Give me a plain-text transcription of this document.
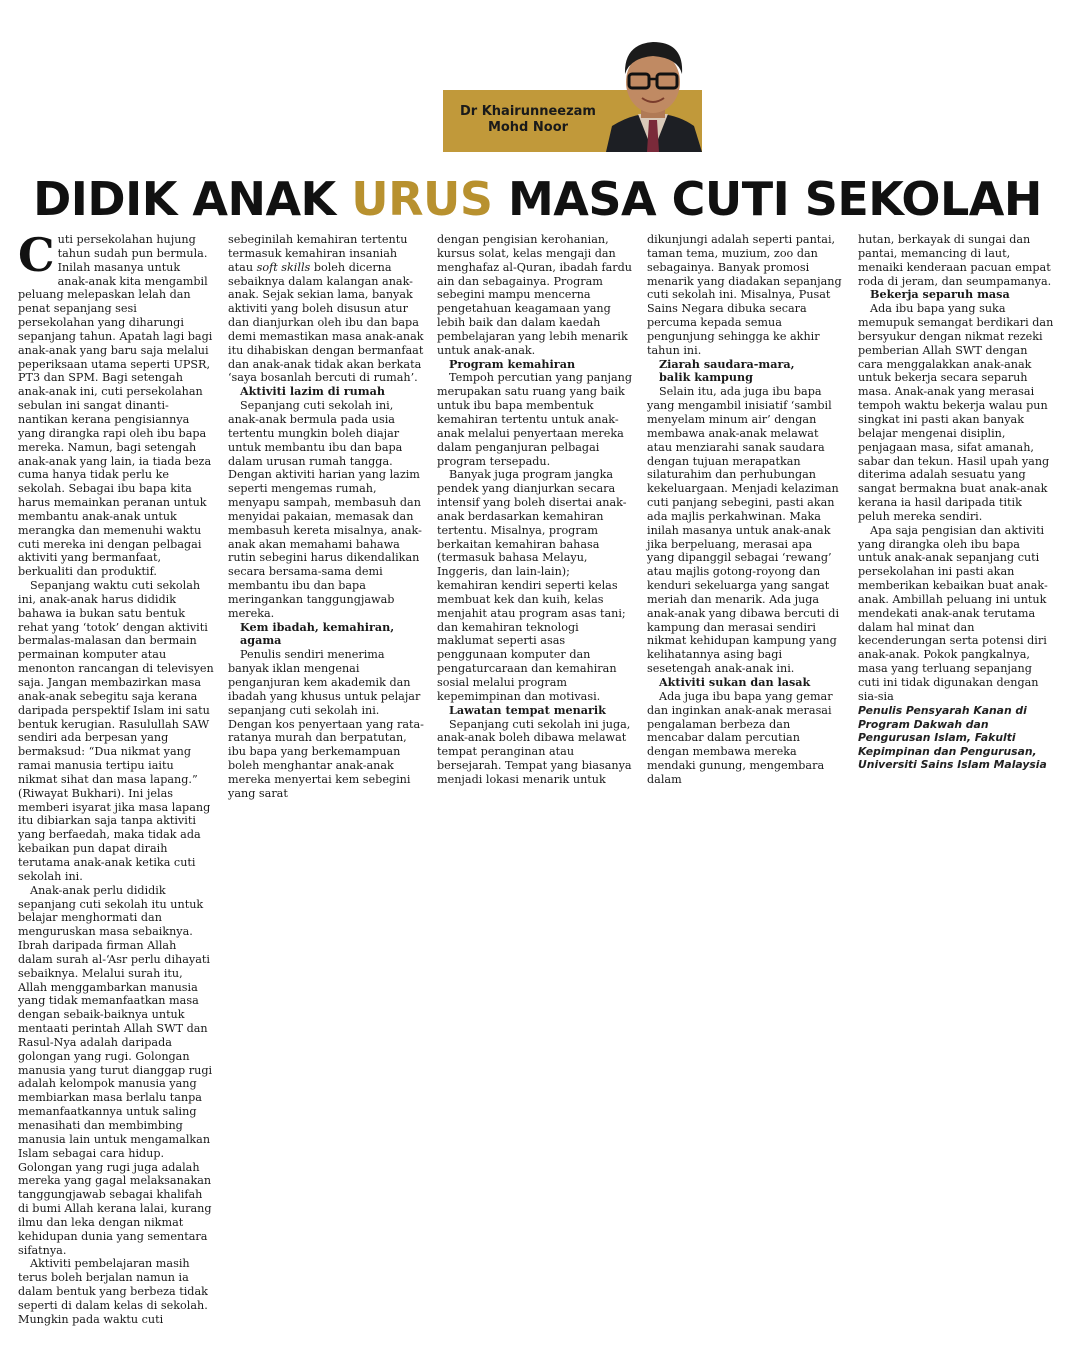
Dr Khairunneezam
Mohd Noor
DIDIK ANAK URUS MASA CUTI SEKOLAH

Cuti persekolahan hujung tahun sudah pun bermula. Inilah masanya untuk anak-anak kita mengambil peluang melepaskan lelah dan penat sepanjang sesi persekolahan yang diharungi sepanjang tahun. Apatah lagi bagi anak-anak yang baru saja melalui peperiksaan utama seperti UPSR, PT3 dan SPM. Bagi setengah anak-anak ini, cuti persekolahan sebulan ini sangat dinanti-nantikan kerana pengisiannya yang dirangka rapi oleh ibu bapa mereka. Namun, bagi setengah anak-anak yang lain, ia tiada beza cuma hanya tidak perlu ke sekolah. Sebagai ibu bapa kita harus memainkan peranan untuk membantu anak-anak untuk merangka dan memenuhi waktu cuti mereka ini dengan pelbagai aktiviti yang bermanfaat, berkualiti dan produktif.

Sepanjang waktu cuti sekolah ini, anak-anak harus dididik bahawa ia bukan satu bentuk rehat yang ‘totok’ dengan aktiviti bermalas-malasan dan bermain permainan komputer atau menonton rancangan di televisyen saja. Jangan membazirkan masa anak-anak sebegitu saja kerana daripada perspektif Islam ini satu bentuk kerugian. Rasulullah SAW sendiri ada berpesan yang bermaksud: “Dua nikmat yang ramai manusia tertipu iaitu nikmat sihat dan masa lapang.” (Riwayat Bukhari). Ini jelas memberi isyarat jika masa lapang itu dibiarkan saja tanpa aktiviti yang berfaedah, maka tidak ada kebaikan pun dapat diraih terutama anak-anak ketika cuti sekolah ini.

Anak-anak perlu dididik sepanjang cuti sekolah itu untuk belajar menghormati dan menguruskan masa sebaiknya. Ibrah daripada firman Allah dalam surah al-‘Asr perlu dihayati sebaiknya. Melalui surah itu, Allah menggambarkan manusia yang tidak memanfaatkan masa dengan sebaik-baiknya untuk mentaati perintah Allah SWT dan Rasul-Nya adalah daripada golongan yang rugi. Golongan manusia yang turut dianggap rugi adalah kelompok manusia yang membiarkan masa berlalu tanpa memanfaatkannya untuk saling menasihati dan membimbing manusia lain untuk mengamalkan Islam sebagai cara hidup. Golongan yang rugi juga adalah mereka yang gagal melaksanakan tanggungjawab sebagai khalifah di bumi Allah kerana lalai, kurang ilmu dan leka dengan nikmat kehidupan dunia yang sementara sifatnya.

Aktiviti pembelajaran masih terus boleh berjalan namun ia dalam bentuk yang berbeza tidak seperti di dalam kelas di sekolah. Mungkin pada waktu cuti

sebeginilah kemahiran tertentu termasuk kemahiran insaniah atau soft skills boleh dicerna sebaiknya dalam kalangan anak-anak. Sejak sekian lama, banyak aktiviti yang boleh disusun atur dan dianjurkan oleh ibu dan bapa demi memastikan masa anak-anak itu dihabiskan dengan bermanfaat dan anak-anak tidak akan berkata ‘saya bosanlah bercuti di rumah’.

Aktiviti lazim di rumah

Sepanjang cuti sekolah ini, anak-anak bermula pada usia tertentu mungkin boleh diajar untuk membantu ibu dan bapa dalam urusan rumah tangga. Dengan aktiviti harian yang lazim seperti mengemas rumah, menyapu sampah, membasuh dan menyidai pakaian, memasak dan membasuh kereta misalnya, anak-anak akan memahami bahawa rutin sebegini harus dikendalikan secara bersama-sama demi membantu ibu dan bapa meringankan tanggungjawab mereka.

Kem ibadah, kemahiran, agama

Penulis sendiri menerima banyak iklan mengenai penganjuran kem akademik dan ibadah yang khusus untuk pelajar sepanjang cuti sekolah ini. Dengan kos penyertaan yang rata-ratanya murah dan berpatutan, ibu bapa yang berkemampuan boleh menghantar anak-anak mereka menyertai kem sebegini yang sarat

dengan pengisian kerohanian, kursus solat, kelas mengaji dan menghafaz al-Quran, ibadah fardu ain dan sebagainya. Program sebegini mampu mencerna pengetahuan keagamaan yang lebih baik dan dalam kaedah pembelajaran yang lebih menarik untuk anak-anak.

Program kemahiran

Tempoh percutian yang panjang merupakan satu ruang yang baik untuk ibu bapa membentuk kemahiran tertentu untuk anak-anak melalui penyertaan mereka dalam penganjuran pelbagai program tersepadu.

Banyak juga program jangka pendek yang dianjurkan secara intensif yang boleh disertai anak-anak berdasarkan kemahiran tertentu. Misalnya, program berkaitan kemahiran bahasa (termasuk bahasa Melayu, Inggeris, dan lain-lain); kemahiran kendiri seperti kelas membuat kek dan kuih, kelas menjahit atau program asas tani; dan kemahiran teknologi maklumat seperti asas penggunaan komputer dan pengaturcaraan dan kemahiran sosial melalui program kepemimpinan dan motivasi.

Lawatan tempat menarik

Sepanjang cuti sekolah ini juga, anak-anak boleh dibawa melawat tempat peranginan atau bersejarah. Tempat yang biasanya menjadi lokasi menarik untuk

dikunjungi adalah seperti pantai, taman tema, muzium, zoo dan sebagainya. Banyak promosi menarik yang diadakan sepanjang cuti sekolah ini. Misalnya, Pusat Sains Negara dibuka secara percuma kepada semua pengunjung sehingga ke akhir tahun ini.

Ziarah saudara-mara,
balik kampung

Selain itu, ada juga ibu bapa yang mengambil inisiatif ‘sambil menyelam minum air’ dengan membawa anak-anak melawat atau menziarahi sanak saudara dengan tujuan merapatkan silaturahim dan perhubungan kekeluargaan. Menjadi kelaziman cuti panjang sebegini, pasti akan ada majlis perkahwinan. Maka inilah masanya untuk anak-anak jika berpeluang, merasai apa yang dipanggil sebagai ‘rewang’ atau majlis gotong-royong dan kenduri sekeluarga yang sangat meriah dan menarik. Ada juga anak-anak yang dibawa bercuti di kampung dan merasai sendiri nikmat kehidupan kampung yang kelihatannya asing bagi sesetengah anak-anak ini.

Aktiviti sukan dan lasak

Ada juga ibu bapa yang gemar dan inginkan anak-anak merasai pengalaman berbeza dan mencabar dalam percutian dengan membawa mereka mendaki gunung, mengembara dalam

hutan, berkayak di sungai dan pantai, memancing di laut, menaiki kenderaan pacuan empat roda di jeram, dan seumpamanya.

Bekerja separuh masa

Ada ibu bapa yang suka memupuk semangat berdikari dan bersyukur dengan nikmat rezeki pemberian Allah SWT dengan cara menggalakkan anak-anak untuk bekerja secara separuh masa. Anak-anak yang merasai tempoh waktu bekerja walau pun singkat ini pasti akan banyak belajar mengenai disiplin, penjagaan masa, sifat amanah, sabar dan tekun. Hasil upah yang diterima adalah sesuatu yang sangat bermakna buat anak-anak kerana ia hasil daripada titik peluh mereka sendiri.

Apa saja pengisian dan aktiviti yang dirangka oleh ibu bapa untuk anak-anak sepanjang cuti persekolahan ini pasti akan memberikan kebaikan buat anak-anak. Ambillah peluang ini untuk mendekati anak-anak terutama dalam hal minat dan kecenderungan serta potensi diri anak-anak. Pokok pangkalnya, masa yang terluang sepanjang cuti ini tidak digunakan dengan sia-sia

Penulis Pensyarah Kanan di Program Dakwah dan Pengurusan Islam, Fakulti Kepimpinan dan Pengurusan, Universiti Sains Islam Malaysia
